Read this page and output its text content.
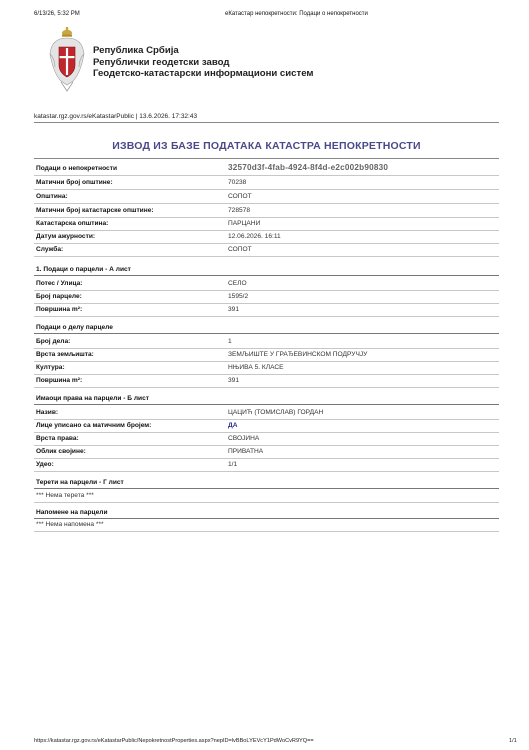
6/13/26, 5:32 PM	eКатастар непокретности: Подаци о непокретности
Република Србија
Републички геодетски завод
Геодетско-катастарски информациони систем
katastar.rgz.gov.rs/eKatastarPublic | 13.6.2026. 17:32:43
ИЗВОД ИЗ БАЗЕ ПОДАТАКА КАТАСТРА НЕПОКРЕТНОСТИ
Подаци о непокретности	32570d3f-4fab-4924-8f4d-e2c002b90830
Матични број општине:	70238
Општина:	СОПОТ
Матични број катастарске општине:	728578
Катастарска општина:	ПАРЦАНИ
Датум ажурности:	12.06.2026. 16:11
Служба:	СОПОТ
1. Подаци о парцели - А лист
Потес / Улица:	СЕЛО
Број парцеле:	1595/2
Површина m²:	391
Подаци о делу парцеле
Број дела:	1
Врста земљишта:	ЗЕМЉИШТЕ У ГРАЂЕВИНСКОМ ПОДРУЧЈУ
Култура:	НЊИВА 5. КЛАСЕ
Површина m²:	391
Имаоци права на парцели - Б лист
Назив:	ЦАЦИЋ (ТОМИСЛАВ) ГОРДАН
Лице уписано са матичним бројем:	ДА
Врста права:	СВОЈИНА
Облик својине:	ПРИВАТНА
Удео:	1/1
Терети на парцели - Г лист
*** Нема терета ***
Напомене на парцели
*** Нема напомена ***
https://katastar.rgz.gov.rs/eKatastarPublic/NepokretnostProperties.aspx?nepID=lvBBoLYEVcY1PdWoCvR9YQ==	1/1
